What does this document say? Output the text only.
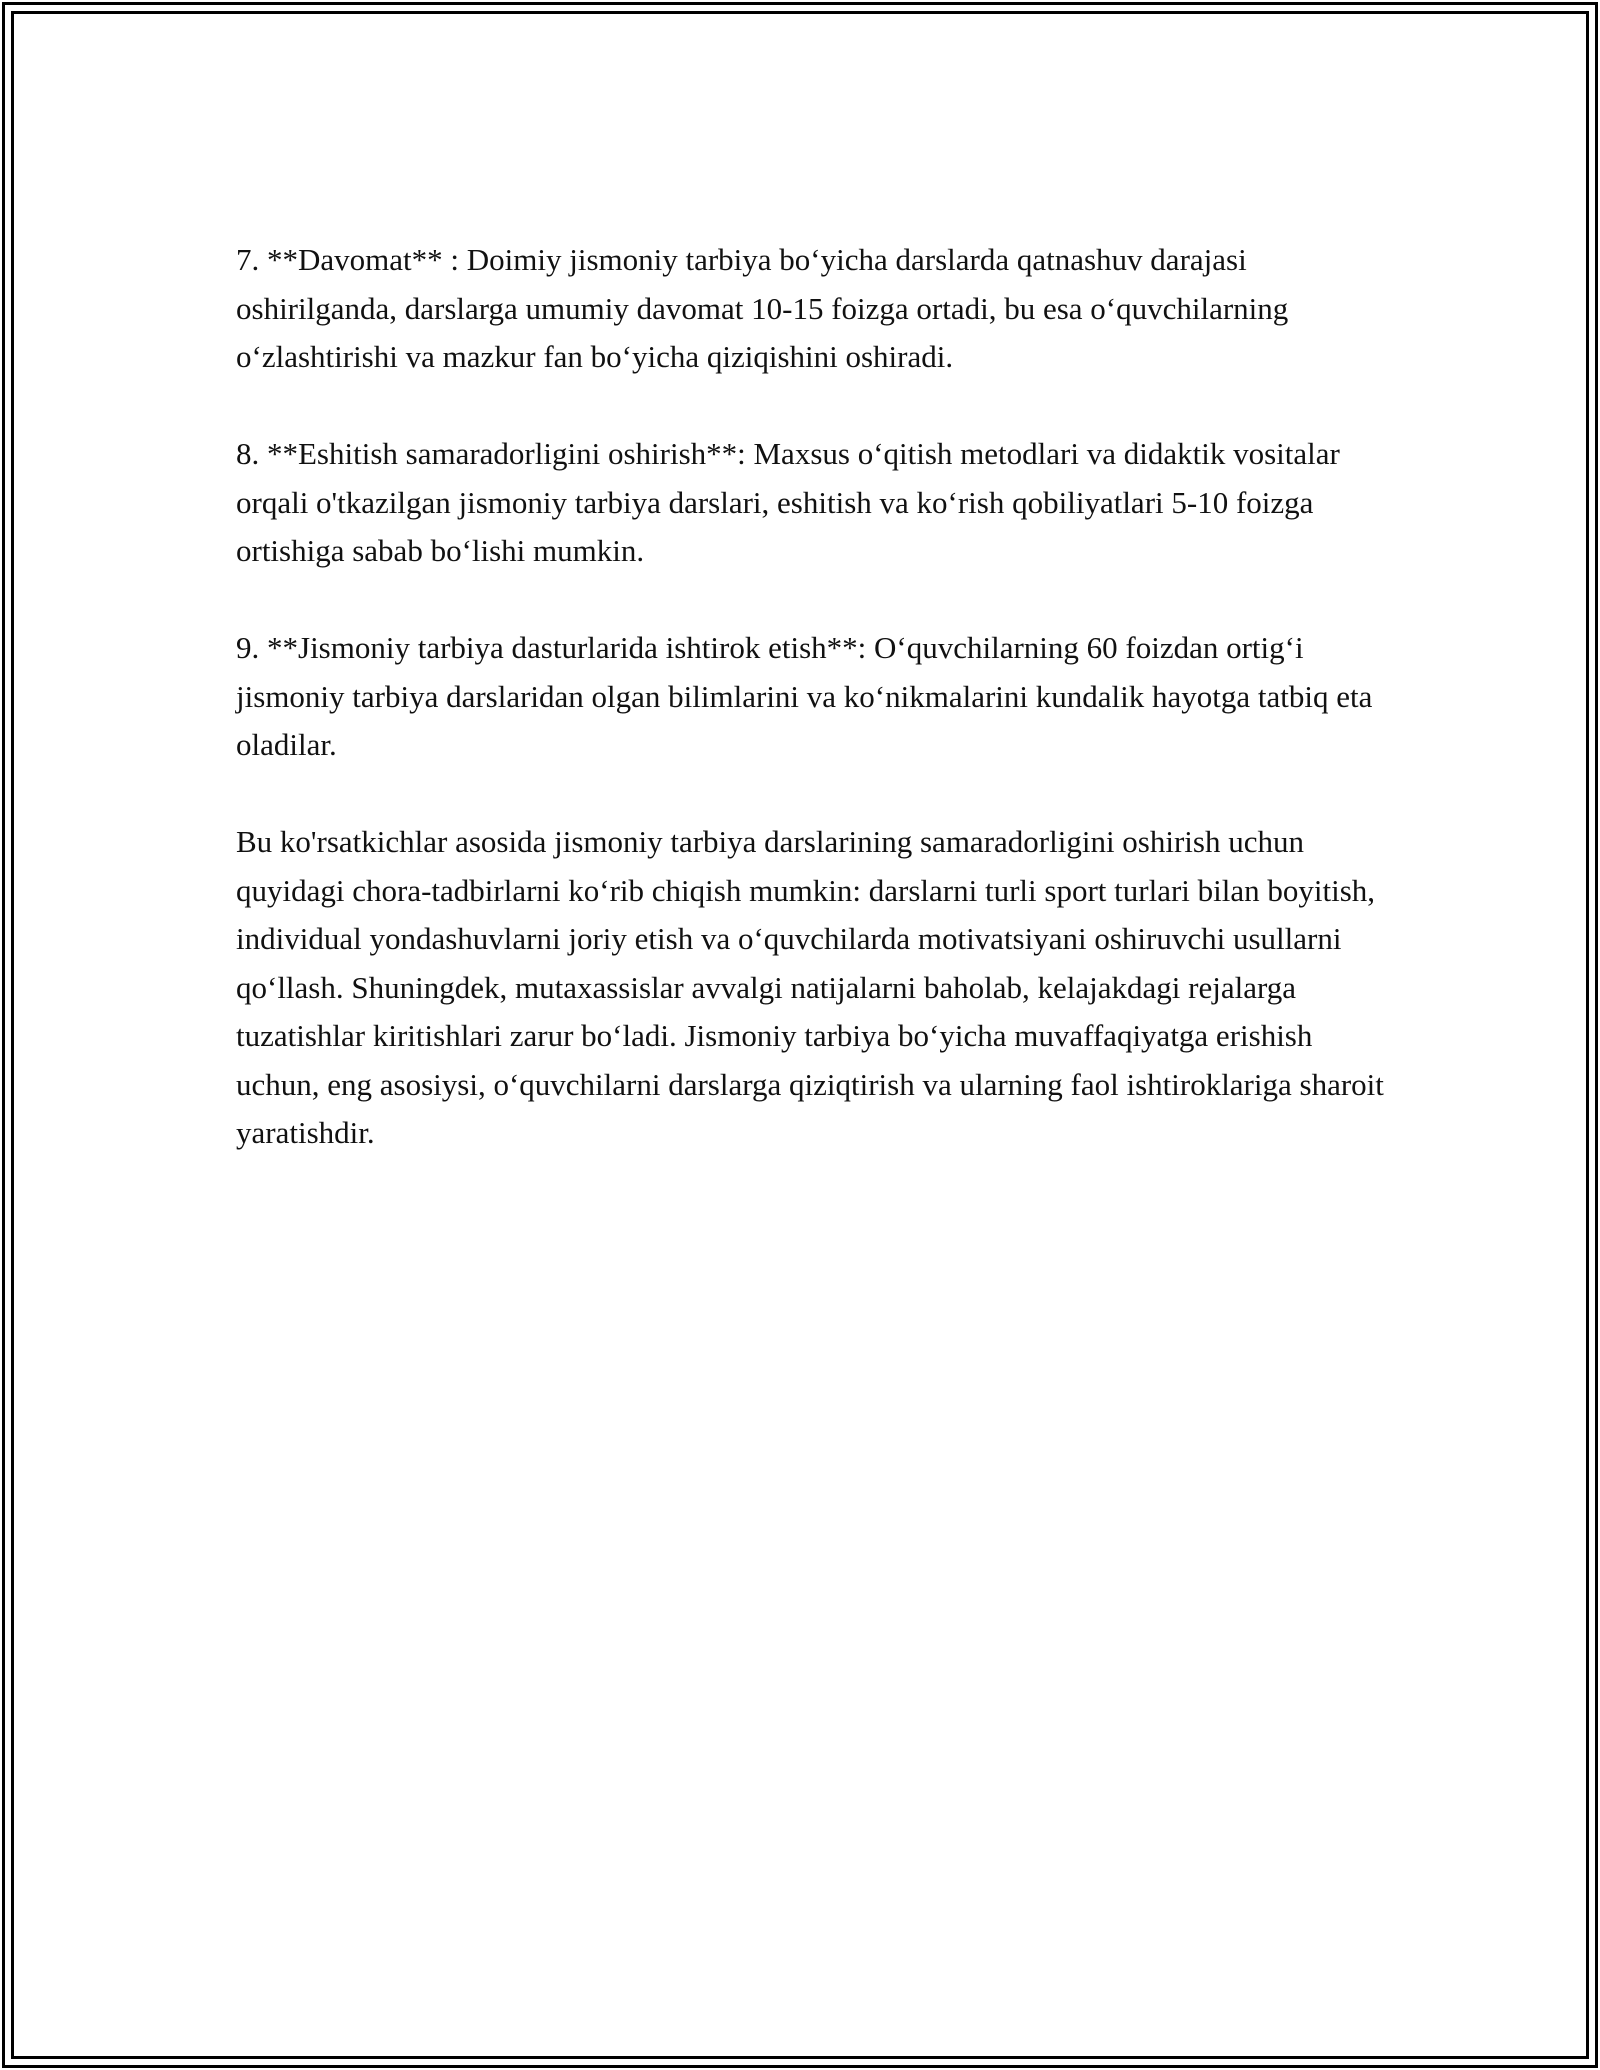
7. **Davomat** : Doimiy jismoniy tarbiya bo‘yicha darslarda qatnashuv darajasi oshirilganda, darslarga umumiy davomat 10-15 foizga ortadi, bu esa o‘quvchilarning o‘zlashtirishi va mazkur fan bo‘yicha qiziqishini oshiradi.

8. **Eshitish samaradorligini oshirish**: Maxsus o‘qitish metodlari va didaktik vositalar orqali o'tkazilgan jismoniy tarbiya darslari, eshitish va ko‘rish qobiliyatlari 5-10 foizga ortishiga sabab bo‘lishi mumkin.

9. **Jismoniy tarbiya dasturlarida ishtirok etish**: O‘quvchilarning 60 foizdan ortig‘i jismoniy tarbiya darslaridan olgan bilimlarini va ko‘nikmalarini kundalik hayotga tatbiq eta oladilar.

Bu ko'rsatkichlar asosida jismoniy tarbiya darslarining samaradorligini oshirish uchun quyidagi chora-tadbirlarni ko‘rib chiqish mumkin: darslarni turli sport turlari bilan boyitish, individual yondashuvlarni joriy etish va o‘quvchilarda motivatsiyani oshiruvchi usullarni qo‘llash. Shuningdek, mutaxassislar avvalgi natijalarni baholab, kelajakdagi rejalarga tuzatishlar kiritishlari zarur bo‘ladi. Jismoniy tarbiya bo‘yicha muvaffaqiyatga erishish uchun, eng asosiysi, o‘quvchilarni darslarga qiziqtirish va ularning faol ishtiroklariga sharoit yaratishdir.
